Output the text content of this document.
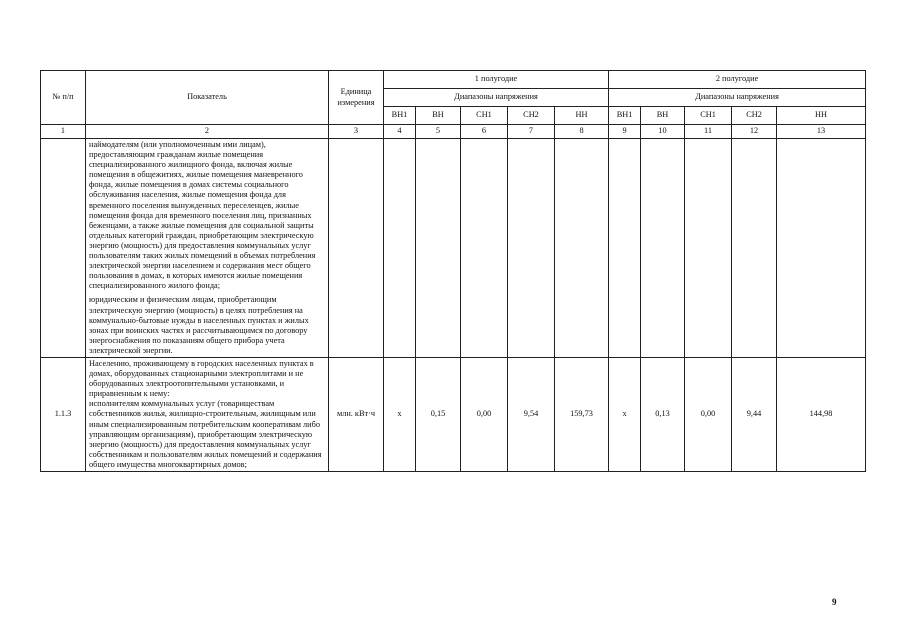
№ п/п	Показатель	Единица измерения	1 полугодие					2 полугодие				
			Диапазоны напряжения					Диапазоны напряжения				
			ВН1	ВН	СН1	СН2	НН	ВН1	ВН	СН1	СН2	НН
1	2	3	4	5	6	7	8	9	10	11	12	13

	наймодателям (или уполномоченным ими лицам), предоставляющим гражданам жилые помещения специализированного жилищного фонда, включая жилые помещения в общежитиях, жилые помещения маневренного фонда, жилые помещения в домах системы социального обслуживания населения, жилые помещения фонда для временного поселения вынужденных переселенцев, жилые помещения фонда для временного поселения лиц, признанных беженцами, а также жилые помещения для социальной защиты отдельных категорий граждан, приобретающим электрическую энергию (мощность) для предоставления коммунальных услуг пользователям таких жилых помещений в объемах потребления электрической энергии населением и содержания мест общего пользования в домах, в которых имеются жилые помещения специализированного жилого фонда;
юридическим и физическим лицам, приобретающим электрическую энергию (мощность) в целях потребления на коммунально-бытовые нужды в населенных пунктах и жилых зонах при воинских частях и рассчитывающимся по договору энергоснабжения по показаниям общего прибора учета электрической энергии.											

1.1.3	Населению, проживающему в городских населенных пунктах в домах, оборудованных стационарными электроплитами и не оборудованных электроотопительными установками, и приравненным к нему:
исполнителям коммунальных услуг (товариществам собственников жилья, жилищно-строительным, жилищным или иным специализированным потребительским кооперативам либо управляющим организациям), приобретающим электрическую энергию (мощность) для предоставления коммунальных услуг собственникам и пользователям жилых помещений и содержания общего имущества многоквартирных домов;	млн. кВт·ч	х	0,15	0,00	9,54	159,73	х	0,13	0,00	9,44	144,98
9
